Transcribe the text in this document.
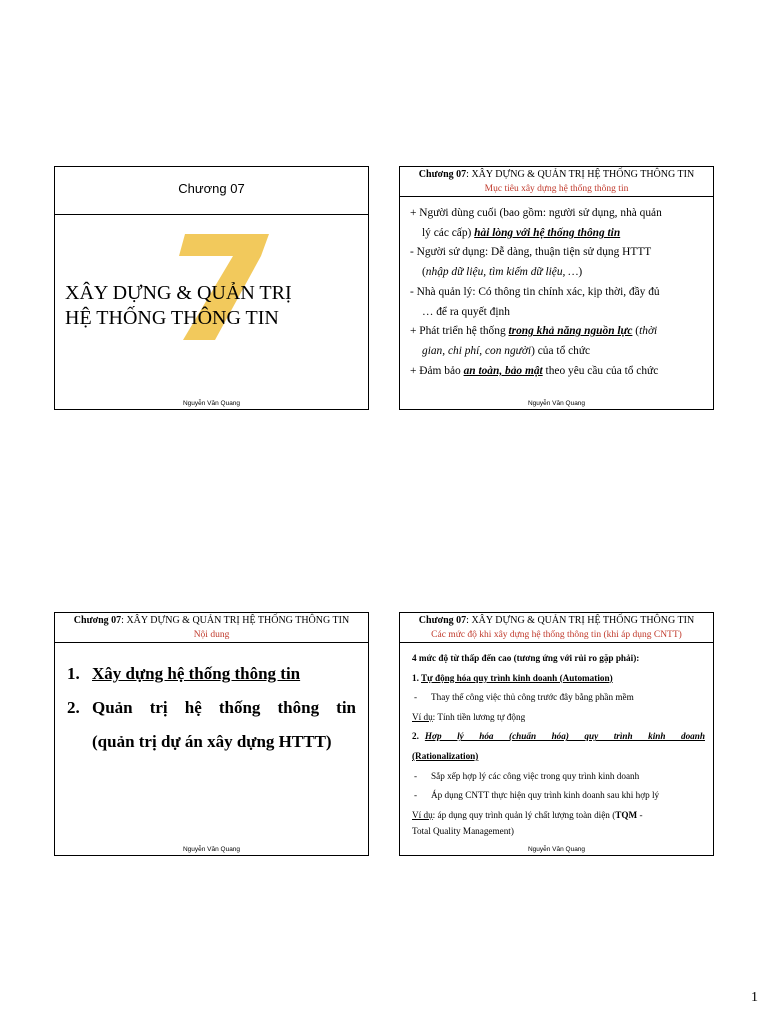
Chương 07
XÂY DỰNG & QUẢN TRỊ
HỆ THỐNG THÔNG TIN
Nguyễn Văn Quang
Chương 07: XÂY DỰNG & QUẢN TRỊ HỆ THỐNG THÔNG TIN
Mục tiêu xây dựng hệ thống thông tin
+ Người dùng cuối (bao gồm: người sử dụng, nhà quản
lý các cấp) hài lòng với hệ thống thông tin
- Người sử dụng: Dễ dàng, thuận tiện sử dụng HTTT
(nhập dữ liệu, tìm kiếm dữ liệu, …)
- Nhà quản lý: Có thông tin chính xác, kịp thời, đầy đủ
… để ra quyết định
+ Phát triển hệ thống trong khả năng nguồn lực (thời
gian, chi phí, con người) của tổ chức
+ Đảm bảo an toàn, bảo mật theo yêu cầu của tổ chức
Nguyễn Văn Quang
Chương 07: XÂY DỰNG & QUẢN TRỊ HỆ THỐNG THÔNG TIN
Nội dung
1. Xây dựng hệ thống thông tin
2. Quản trị hệ thống thông tin
(quản trị dự án xây dựng HTTT)
Nguyễn Văn Quang
Chương 07: XÂY DỰNG & QUẢN TRỊ HỆ THỐNG THÔNG TIN
Các mức độ khi xây dựng hệ thống thông tin (khi áp dụng CNTT)
4 mức độ từ thấp đến cao (tương ứng với rủi ro gặp phải):
1. Tự động hóa quy trình kinh doanh (Automation)
- Thay thế công việc thủ công trước đây bằng phần mềm
Ví dụ: Tính tiền lương tự động
2. Hợp lý hóa (chuẩn hóa) quy trình kinh doanh
(Rationalization)
- Sắp xếp hợp lý các công việc trong quy trình kinh doanh
- Áp dụng CNTT thực hiện quy trình kinh doanh sau khi hợp lý
Ví dụ: áp dụng quy trình quản lý chất lượng toàn diện (TQM -
Total Quality Management)
Nguyễn Văn Quang
1
